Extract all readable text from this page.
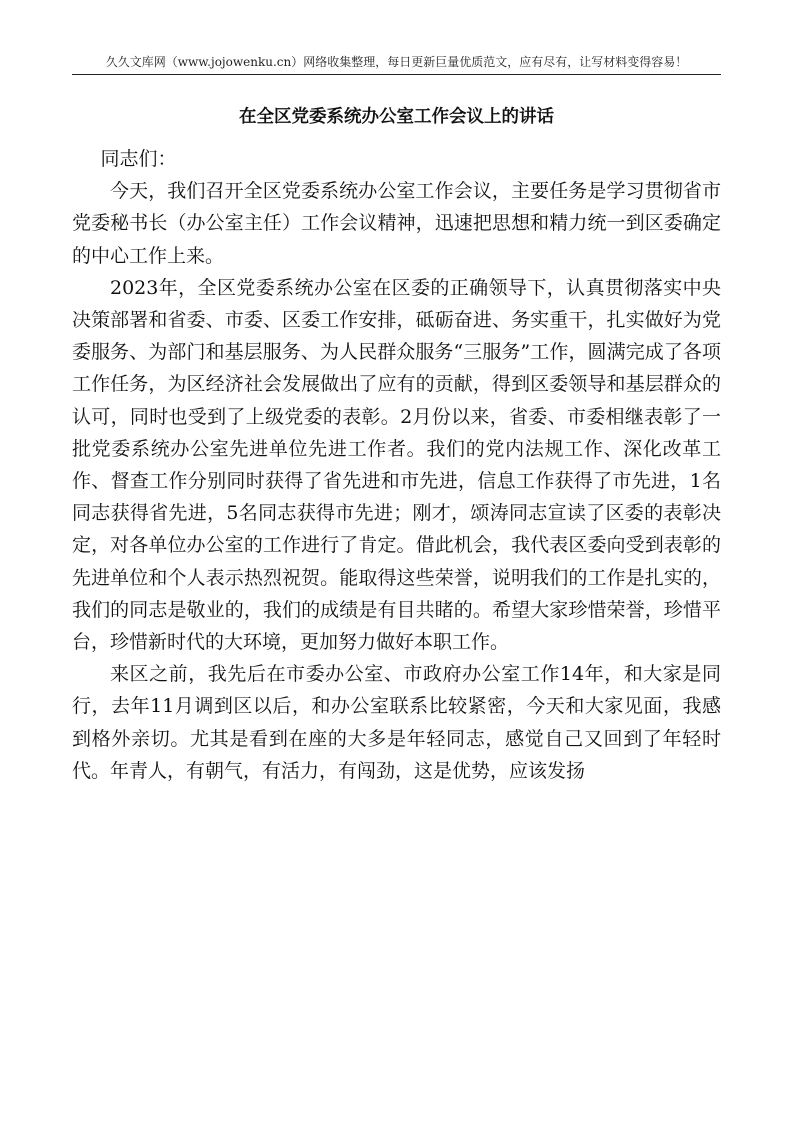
久久文库网（www.jojowenku.cn）网络收集整理，每日更新巨量优质范文，应有尽有，让写材料变得容易！
在全区党委系统办公室工作会议上的讲话

同志们：

今天，我们召开全区党委系统办公室工作会议，主要任务是学习贯彻省市党委秘书长（办公室主任）工作会议精神，迅速把思想和精力统一到区委确定的中心工作上来。

2023年，全区党委系统办公室在区委的正确领导下，认真贯彻落实中央决策部署和省委、市委、区委工作安排，砥砺奋进、务实重干，扎实做好为党委服务、为部门和基层服务、为人民群众服务“三服务”工作，圆满完成了各项工作任务，为区经济社会发展做出了应有的贡献，得到区委领导和基层群众的认可，同时也受到了上级党委的表彰。2月份以来，省委、市委相继表彰了一批党委系统办公室先进单位先进工作者。我们的党内法规工作、深化改革工作、督查工作分别同时获得了省先进和市先进，信息工作获得了市先进，1名同志获得省先进，5名同志获得市先进；刚才，颂涛同志宣读了区委的表彰决定，对各单位办公室的工作进行了肯定。借此机会，我代表区委向受到表彰的先进单位和个人表示热烈祝贺。能取得这些荣誉，说明我们的工作是扎实的，我们的同志是敬业的，我们的成绩是有目共睹的。希望大家珍惜荣誉，珍惜平台，珍惜新时代的大环境，更加努力做好本职工作。

来区之前，我先后在市委办公室、市政府办公室工作14年，和大家是同行，去年11月调到区以后，和办公室联系比较紧密，今天和大家见面，我感到格外亲切。尤其是看到在座的大多是年轻同志，感觉自己又回到了年轻时代。年青人，有朝气，有活力，有闯劲，这是优势，应该发扬
